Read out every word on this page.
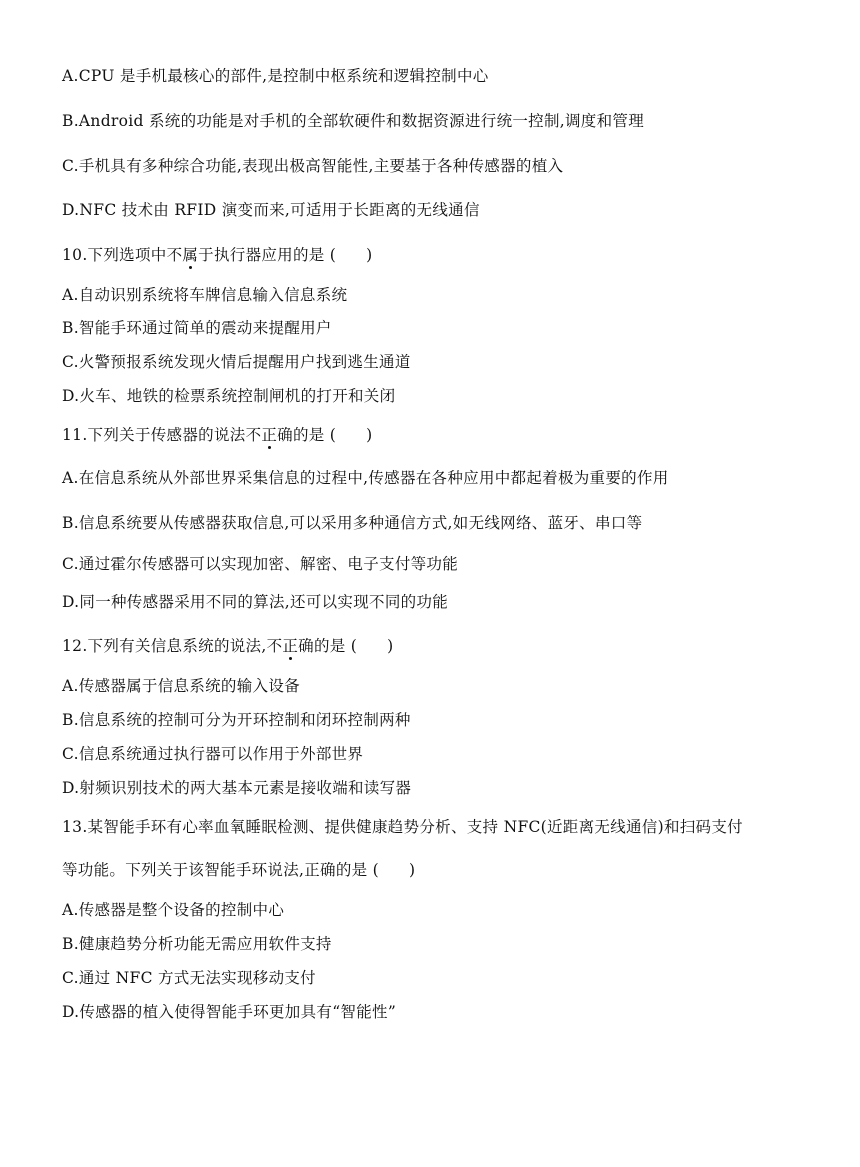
A.CPU 是手机最核心的部件,是控制中枢系统和逻辑控制中心
B.Android 系统的功能是对手机的全部软硬件和数据资源进行统一控制,调度和管理
C.手机具有多种综合功能,表现出极高智能性,主要基于各种传感器的植入
D.NFC 技术由 RFID 演变而来,可适用于长距离的无线通信
10.下列选项中不属于执行器应用的是 ( )
A.自动识别系统将车牌信息输入信息系统
B.智能手环通过简单的震动来提醒用户
C.火警预报系统发现火情后提醒用户找到逃生通道
D.火车、地铁的检票系统控制闸机的打开和关闭
11.下列关于传感器的说法不正确的是 ( )
A.在信息系统从外部世界采集信息的过程中,传感器在各种应用中都起着极为重要的作用
B.信息系统要从传感器获取信息,可以采用多种通信方式,如无线网络、蓝牙、串口等
C.通过霍尔传感器可以实现加密、解密、电子支付等功能
D.同一种传感器采用不同的算法,还可以实现不同的功能
12.下列有关信息系统的说法,不正确的是 ( )
A.传感器属于信息系统的输入设备
B.信息系统的控制可分为开环控制和闭环控制两种
C.信息系统通过执行器可以作用于外部世界
D.射频识别技术的两大基本元素是接收端和读写器
13.某智能手环有心率血氧睡眠检测、提供健康趋势分析、支持 NFC(近距离无线通信)和扫码支付
等功能。下列关于该智能手环说法,正确的是 ( )
A.传感器是整个设备的控制中心
B.健康趋势分析功能无需应用软件支持
C.通过 NFC 方式无法实现移动支付
D.传感器的植入使得智能手环更加具有“智能性”
